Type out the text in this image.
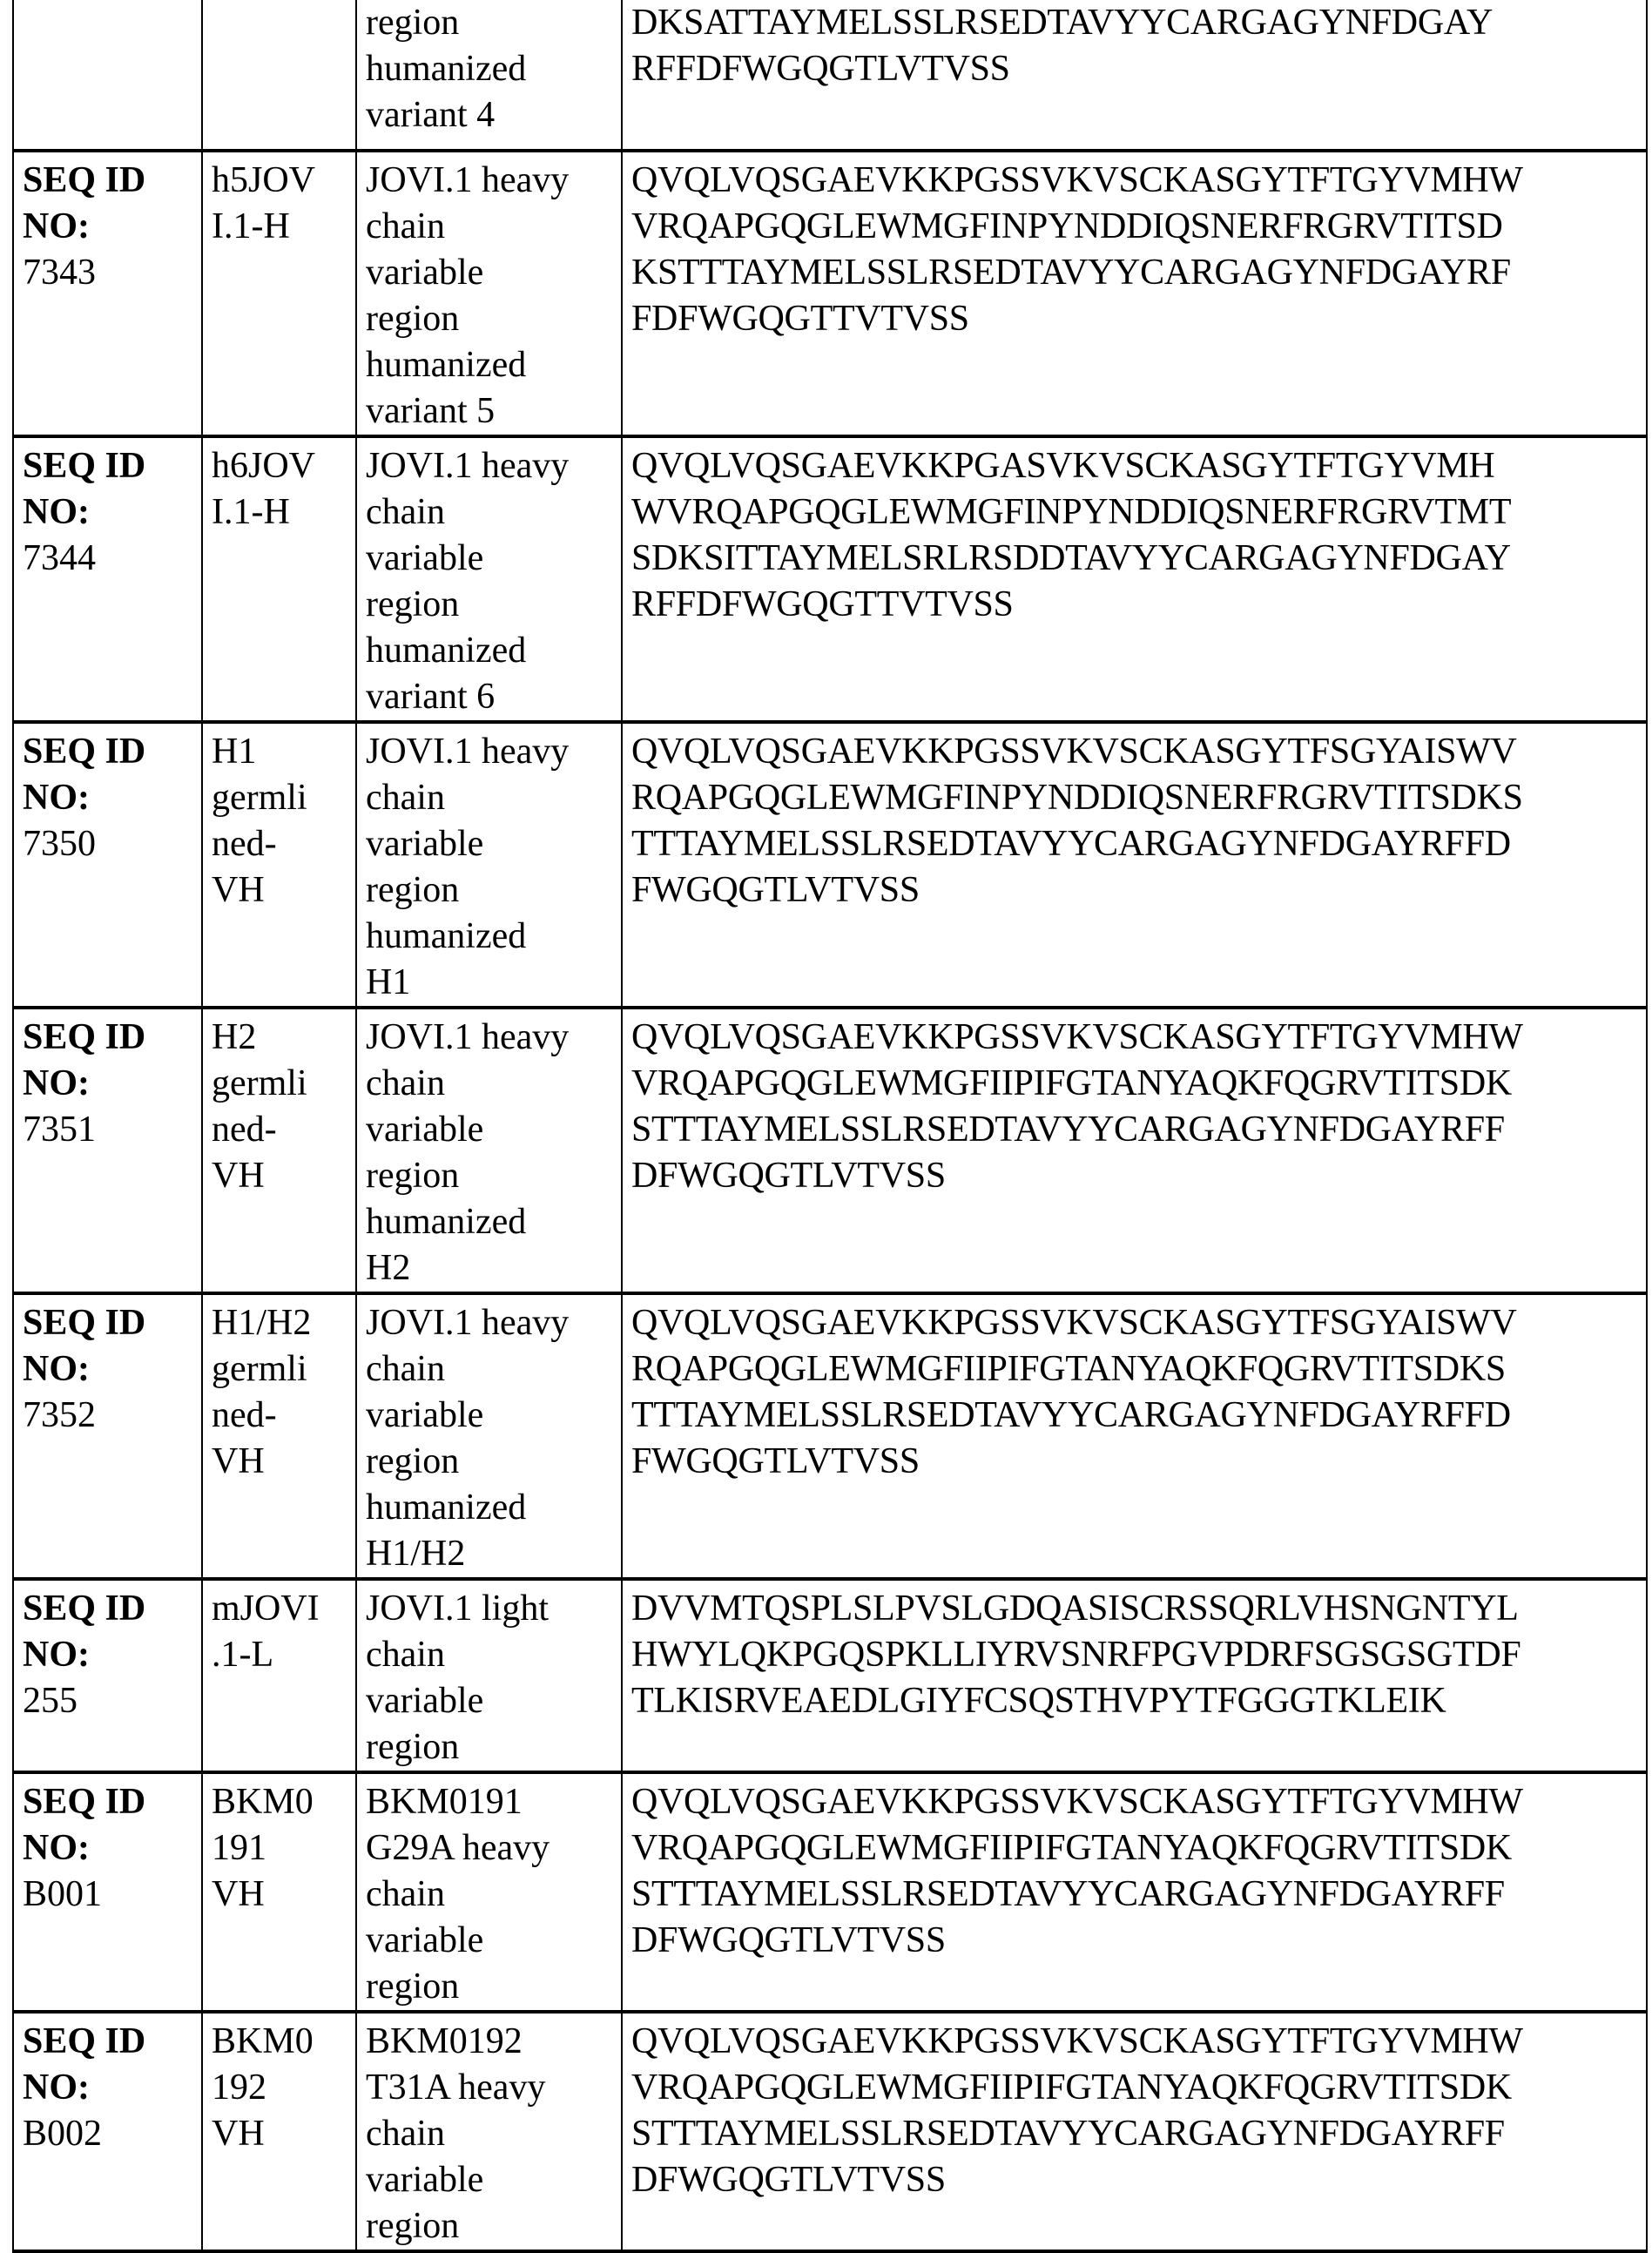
region
humanized
variant 4

DKSATTAYMELSSLRSEDTAVYYCARGAGYNFDGAY
RFFDFWGQGTLVTVSS

SEQ ID
NO:
7343

h5JOV
I.1-H

JOVI.1 heavy
chain
variable
region
humanized
variant 5

QVQLVQSGAEVKKPGSSVKVSCKASGYTFTGYVMHW
VRQAPGQGLEWMGFINPYNDDIQSNERFRGRVTITSD
KSTTTAYMELSSLRSEDTAVYYCARGAGYNFDGAYRF
FDFWGQGTTVTVSS

SEQ ID
NO:
7344

h6JOV
I.1-H

JOVI.1 heavy
chain
variable
region
humanized
variant 6

QVQLVQSGAEVKKPGASVKVSCKASGYTFTGYVMH
WVRQAPGQGLEWMGFINPYNDDIQSNERFRGRVTMT
SDKSITTAYMELSRLRSDDTAVYYCARGAGYNFDGAY
RFFDFWGQGTTVTVSS

SEQ ID
NO:
7350

H1
germli
ned-
VH

JOVI.1 heavy
chain
variable
region
humanized
H1

QVQLVQSGAEVKKPGSSVKVSCKASGYTFSGYAISWV
RQAPGQGLEWMGFINPYNDDIQSNERFRGRVTITSDKS
TTTAYMELSSLRSEDTAVYYCARGAGYNFDGAYRFFD
FWGQGTLVTVSS

SEQ ID
NO:
7351

H2
germli
ned-
VH

JOVI.1 heavy
chain
variable
region
humanized
H2

QVQLVQSGAEVKKPGSSVKVSCKASGYTFTGYVMHW
VRQAPGQGLEWMGFIIPIFGTANYAQKFQGRVTITSDK
STTTAYMELSSLRSEDTAVYYCARGAGYNFDGAYRFF
DFWGQGTLVTVSS

SEQ ID
NO:
7352

H1/H2
germli
ned-
VH

JOVI.1 heavy
chain
variable
region
humanized
H1/H2

QVQLVQSGAEVKKPGSSVKVSCKASGYTFSGYAISWV
RQAPGQGLEWMGFIIPIFGTANYAQKFQGRVTITSDKS
TTTAYMELSSLRSEDTAVYYCARGAGYNFDGAYRFFD
FWGQGTLVTVSS

SEQ ID
NO:
255

mJOVI
.1-L

JOVI.1 light
chain
variable
region

DVVMTQSPLSLPVSLGDQASISCRSSQRLVHSNGNTYL
HWYLQKPGQSPKLLIYRVSNRFPGVPDRFSGSGSGTDF
TLKISRVEAEDLGIYFCSQSTHVPYTFGGGTKLEIK

SEQ ID
NO:
B001

BKM0
191
VH

BKM0191
G29A heavy
chain
variable
region

QVQLVQSGAEVKKPGSSVKVSCKASGYTFTGYVMHW
VRQAPGQGLEWMGFIIPIFGTANYAQKFQGRVTITSDK
STTTAYMELSSLRSEDTAVYYCARGAGYNFDGAYRFF
DFWGQGTLVTVSS

SEQ ID
NO:
B002

BKM0
192
VH

BKM0192
T31A heavy
chain
variable
region

QVQLVQSGAEVKKPGSSVKVSCKASGYTFTGYVMHW
VRQAPGQGLEWMGFIIPIFGTANYAQKFQGRVTITSDK
STTTAYMELSSLRSEDTAVYYCARGAGYNFDGAYRFF
DFWGQGTLVTVSS
